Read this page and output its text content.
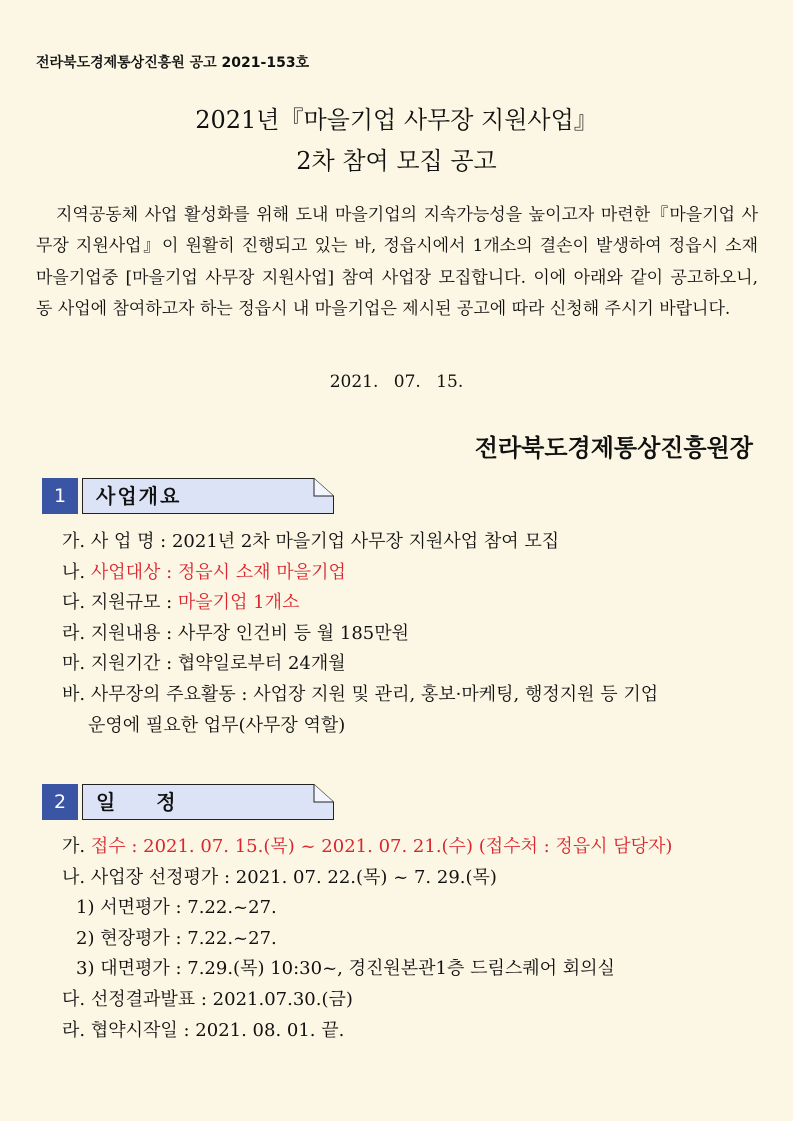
전라북도경제통상진흥원 공고 2021-153호
2021년『마을기업 사무장 지원사업』
2차 참여 모집 공고
지역공동체 사업 활성화를 위해 도내 마을기업의 지속가능성을 높이고자 마련한『마을기업 사무장 지원사업』이 원활히 진행되고 있는 바, 정읍시에서 1개소의 결손이 발생하여 정읍시 소재 마을기업중 [마을기업 사무장 지원사업] 참여 사업장 모집합니다. 이에 아래와 같이 공고하오니, 동 사업에 참여하고자 하는 정읍시 내 마을기업은 제시된 공고에 따라 신청해 주시기 바랍니다.
2021. 07. 15.
전라북도경제통상진흥원장
1	사업개요
가. 사 업 명 : 2021년 2차 마을기업 사무장 지원사업 참여 모집
나. 사업대상 : 정읍시 소재 마을기업
다. 지원규모 : 마을기업 1개소
라. 지원내용 : 사무장 인건비 등 월 185만원
마. 지원기간 : 협약일로부터 24개월
바. 사무장의 주요활동 : 사업장 지원 및 관리, 홍보·마케팅, 행정지원 등 기업
운영에 필요한 업무(사무장 역할)
2	일 정
가. 접수 : 2021. 07. 15.(목) ~ 2021. 07. 21.(수) (접수처 : 정읍시 담당자)
나. 사업장 선정평가 : 2021. 07. 22.(목) ~ 7. 29.(목)
1) 서면평가 : 7.22.~27.
2) 현장평가 : 7.22.~27.
3) 대면평가 : 7.29.(목) 10:30~, 경진원본관1층 드림스퀘어 회의실
다. 선정결과발표 : 2021.07.30.(금)
라. 협약시작일 : 2021. 08. 01. 끝.
